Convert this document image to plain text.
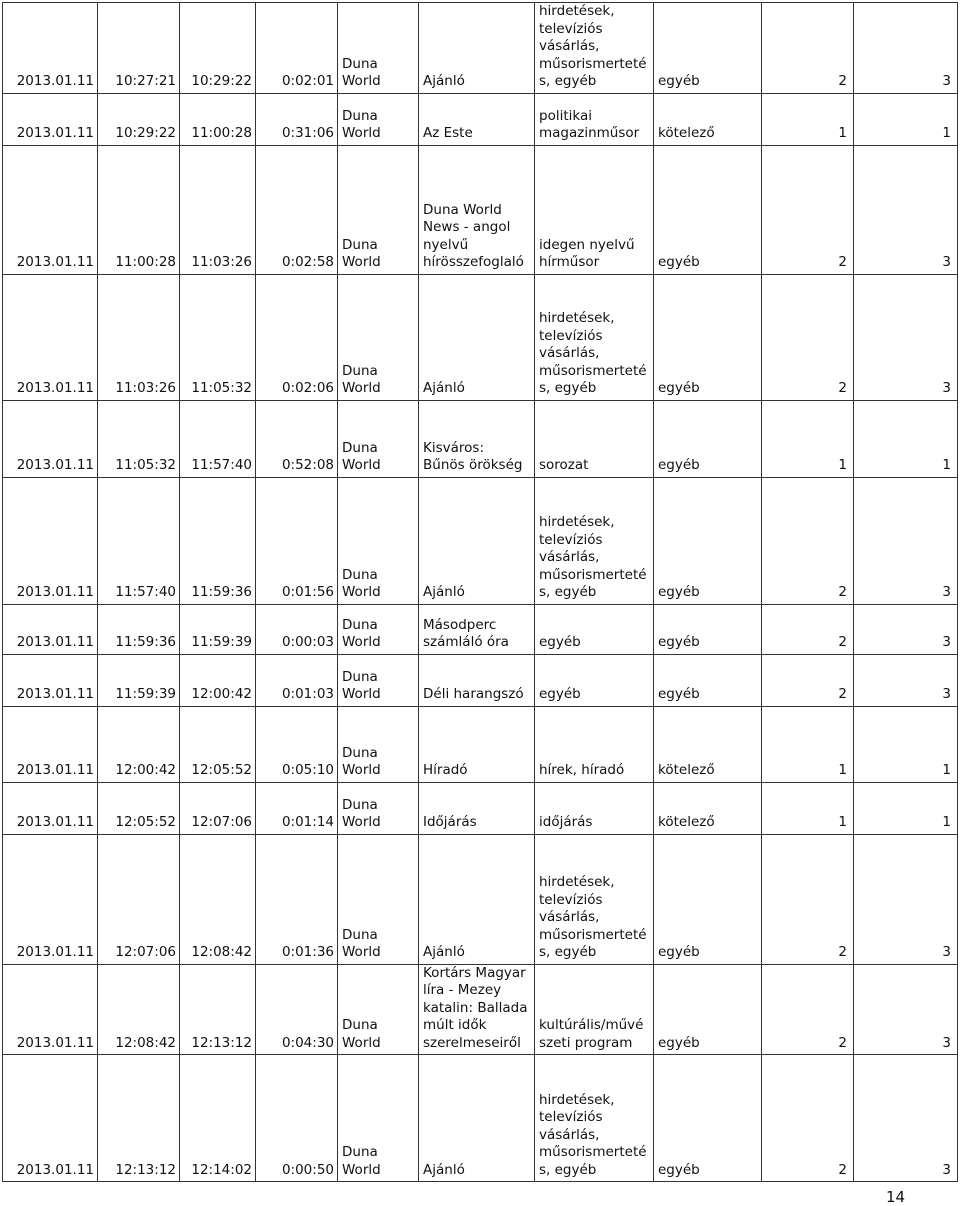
2013.01.11	10:27:21	10:29:22	0:02:01	Duna
World	Ajánló	hirdetések,
televíziós
vásárlás,
műsorismerteté
s, egyéb	egyéb	2	3
2013.01.11	10:29:22	11:00:28	0:31:06	Duna
World	Az Este	politikai
magazinműsor	kötelező	1	1
2013.01.11	11:00:28	11:03:26	0:02:58	Duna
World	Duna World
News - angol
nyelvű
hírösszefoglaló	idegen nyelvű
hírműsor	egyéb	2	3
2013.01.11	11:03:26	11:05:32	0:02:06	Duna
World	Ajánló	hirdetések,
televíziós
vásárlás,
műsorismerteté
s, egyéb	egyéb	2	3
2013.01.11	11:05:32	11:57:40	0:52:08	Duna
World	Kisváros:
Bűnös örökség	sorozat	egyéb	1	1
2013.01.11	11:57:40	11:59:36	0:01:56	Duna
World	Ajánló	hirdetések,
televíziós
vásárlás,
műsorismerteté
s, egyéb	egyéb	2	3
2013.01.11	11:59:36	11:59:39	0:00:03	Duna
World	Másodperc
számláló óra	egyéb	egyéb	2	3
2013.01.11	11:59:39	12:00:42	0:01:03	Duna
World	Déli harangszó	egyéb	egyéb	2	3
2013.01.11	12:00:42	12:05:52	0:05:10	Duna
World	Híradó	hírek, híradó	kötelező	1	1
2013.01.11	12:05:52	12:07:06	0:01:14	Duna
World	Időjárás	időjárás	kötelező	1	1
2013.01.11	12:07:06	12:08:42	0:01:36	Duna
World	Ajánló	hirdetések,
televíziós
vásárlás,
műsorismerteté
s, egyéb	egyéb	2	3
2013.01.11	12:08:42	12:13:12	0:04:30	Duna
World	Kortárs Magyar
líra - Mezey
katalin: Ballada
múlt idők
szerelmeseiről	kultúrális/művé
szeti program	egyéb	2	3
2013.01.11	12:13:12	12:14:02	0:00:50	Duna
World	Ajánló	hirdetések,
televíziós
vásárlás,
műsorismerteté
s, egyéb	egyéb	2	3
14
